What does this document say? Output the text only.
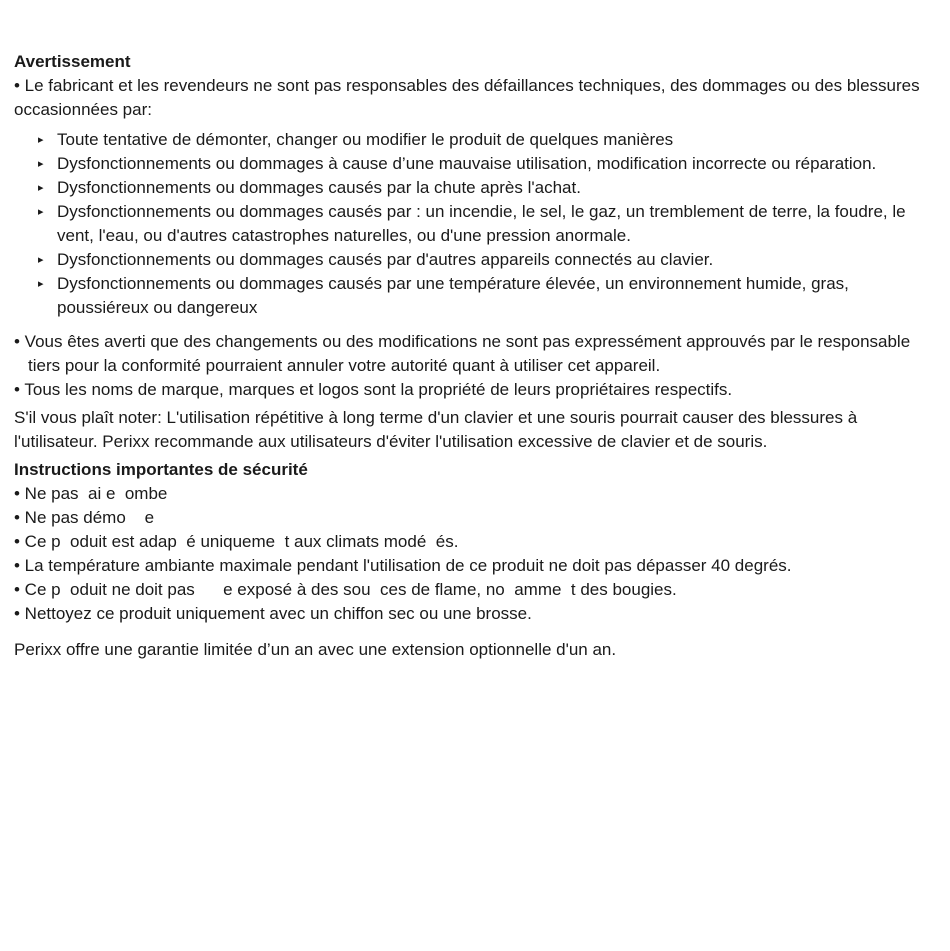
Avertissement

• Le fabricant et les revendeurs ne sont pas responsables des défaillances techniques, des dommages ou des blessures occasionnées par:

▸ Toute tentative de démonter, changer ou modifier le produit de quelques manières
▸ Dysfonctionnements ou dommages à cause d’une mauvaise utilisation, modification incorrecte ou réparation.
▸ Dysfonctionnements ou dommages causés par la chute après l'achat.
▸ Dysfonctionnements ou dommages causés par : un incendie, le sel, le gaz, un tremblement de terre, la foudre, le vent, l'eau, ou d'autres catastrophes naturelles, ou d'une pression anormale.
▸ Dysfonctionnements ou dommages causés par d'autres appareils connectés au clavier.
▸ Dysfonctionnements ou dommages causés par une température élevée, un environnement humide, gras, poussiéreux ou dangereux

• Vous êtes averti que des changements ou des modifications ne sont pas expressément approuvés par le responsable tiers pour la conformité pourraient annuler votre autorité quant à utiliser cet appareil.

• Tous les noms de marque, marques et logos sont la propriété de leurs propriétaires respectifs.

S'il vous plaît noter: L'utilisation répétitive à long terme d'un clavier et une souris pourrait causer des blessures à l'utilisateur. Perixx recommande aux utilisateurs d'éviter l'utilisation excessive de clavier et de souris.

Instructions importantes de sécurité

• Ne pas  ai e  ombe

• Ne pas démo    e

• Ce p  oduit est adap  é uniqueme  t aux climats modé  és.

• La température ambiante maximale pendant l'utilisation de ce produit ne doit pas dépasser 40 degrés.

• Ce p  oduit ne doit pas      e exposé à des sou  ces de flame, no  amme  t des bougies.

• Nettoyez ce produit uniquement avec un chiffon sec ou une brosse.

Perixx offre une garantie limitée d’un an avec une extension optionnelle d'un an.
